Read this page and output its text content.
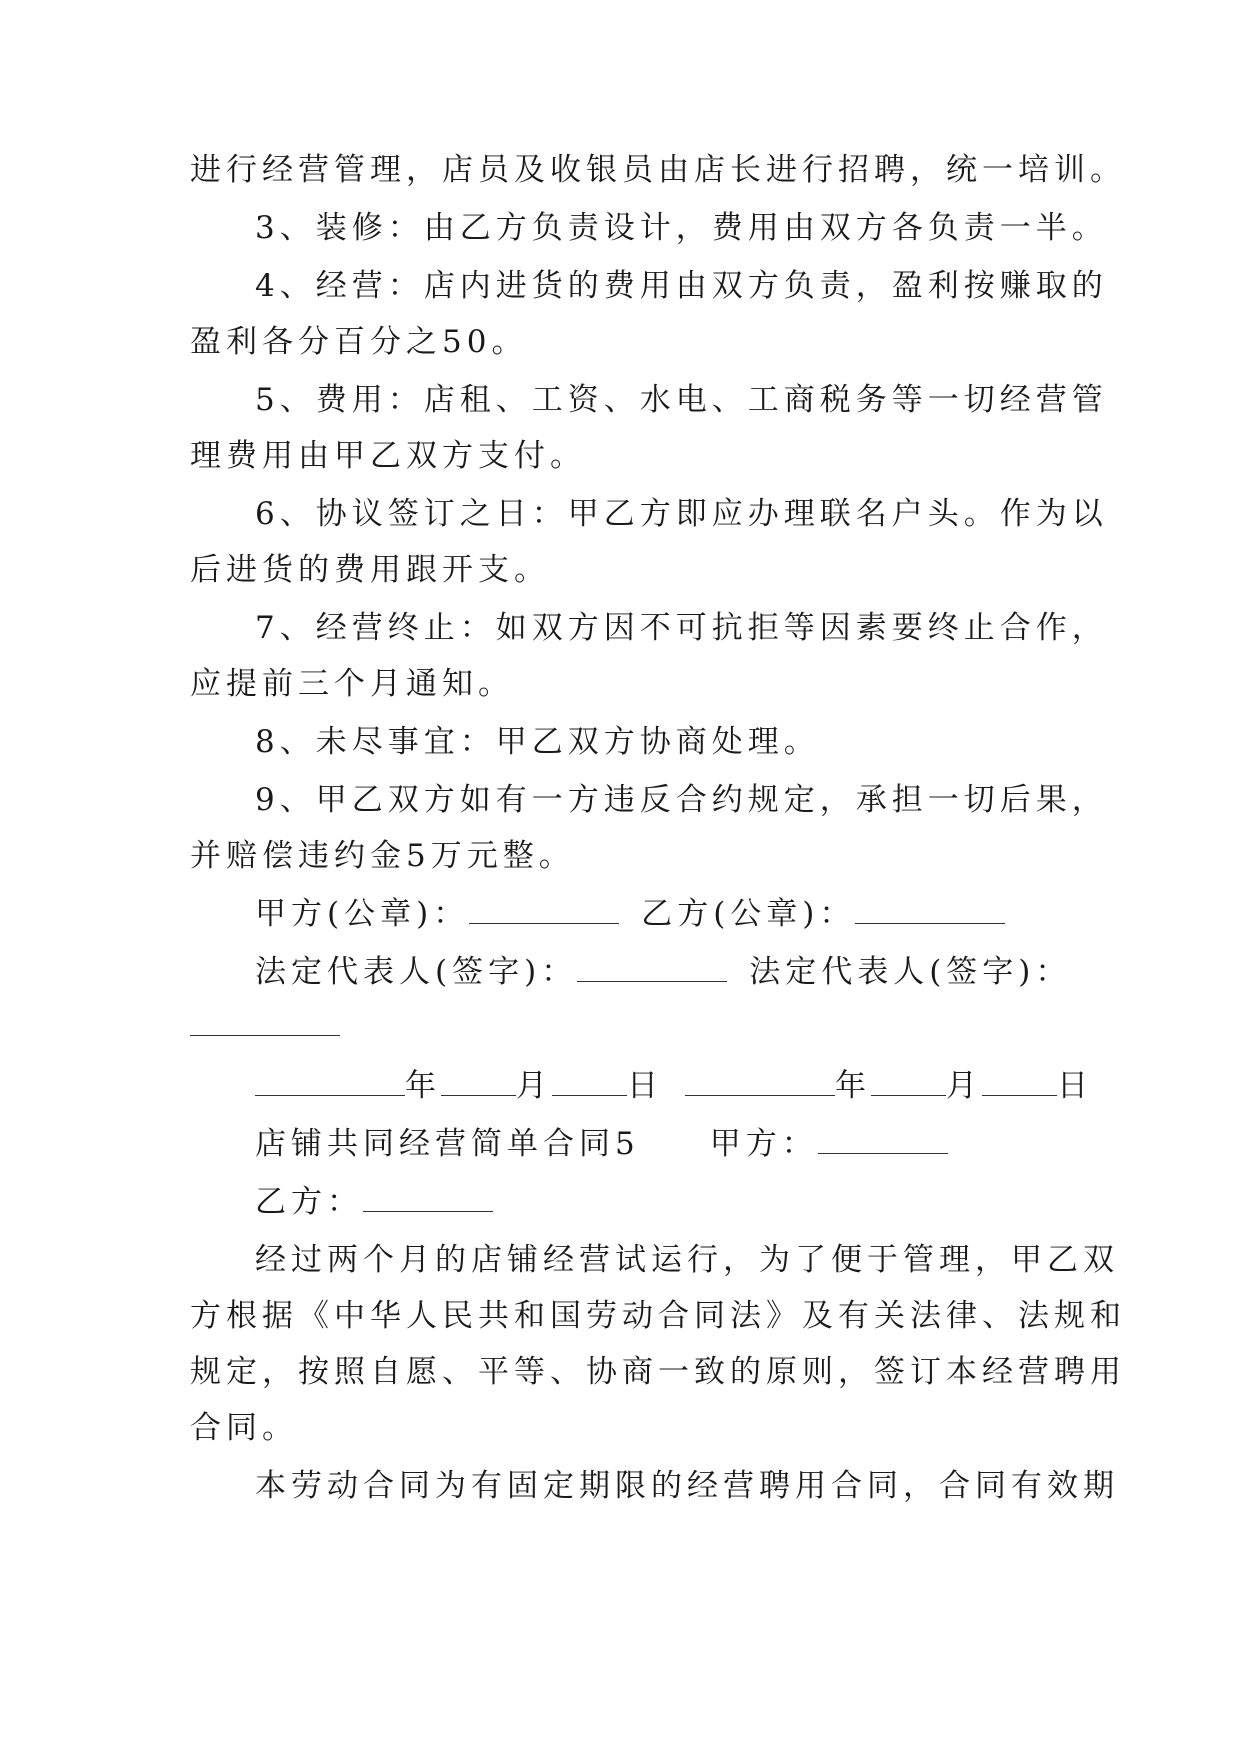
进行经营管理，店员及收银员由店长进行招聘，统一培训。

3、装修：由乙方负责设计，费用由双方各负责一半。

4、经营：店内进货的费用由双方负责，盈利按赚取的

盈利各分百分之50。

5、费用：店租、工资、水电、工商税务等一切经营管

理费用由甲乙双方支付。

6、协议签订之日：甲乙方即应办理联名户头。作为以

后进货的费用跟开支。

7、经营终止：如双方因不可抗拒等因素要终止合作，

应提前三个月通知。

8、未尽事宜：甲乙双方协商处理。

9、甲乙双方如有一方违反合约规定，承担一切后果，

并赔偿违约金5万元整。

甲方(公章)：	乙方(公章)：

法定代表人(签字)：	法定代表人(签字)：

年 月 日	年 月 日

店铺共同经营简单合同5 甲方：

乙方：

经过两个月的店铺经营试运行，为了便于管理，甲乙双

方根据《中华人民共和国劳动合同法》及有关法律、法规和

规定，按照自愿、平等、协商一致的原则，签订本经营聘用

合同。

本劳动合同为有固定期限的经营聘用合同，合同有效期
